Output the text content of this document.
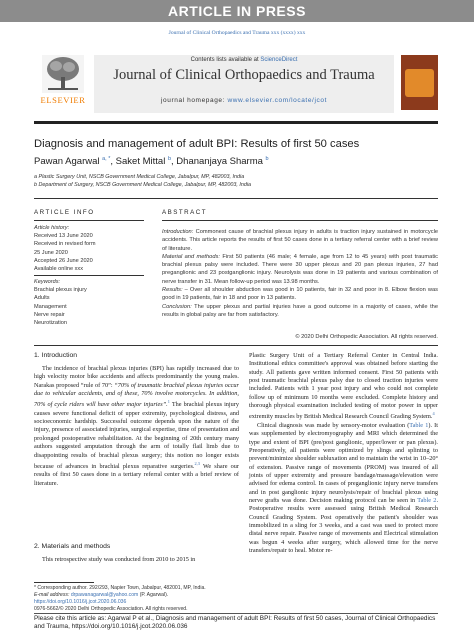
ARTICLE IN PRESS
Journal of Clinical Orthopaedics and Trauma xxx (xxxx) xxx
ELSEVIER
Contents lists available at ScienceDirect
Journal of Clinical Orthopaedics and Trauma
journal homepage: www.elsevier.com/locate/jcot
Diagnosis and management of adult BPI: Results of first 50 cases
Pawan Agarwal $^{a, *}$, Saket Mittal $^b$, Dhananjaya Sharma $^b$
a Plastic Surgery Unit, NSCB Government Medical College, Jabalpur, MP, 482003, India
b Department of Surgery, NSCB Government Medical College, Jabalpur, MP, 482003, India
ARTICLE INFO	ABSTRACT
Article history:
Received 13 June 2020
Received in revised form
25 June 2020
Accepted 26 June 2020
Available online xxx
Keywords:
Brachial plexus injury
Adults
Management
Nerve repair
Neurotization
Introduction: Commonest cause of brachial plexus injury in adults is traction injury sustained in motorcycle accidents. This article reports the results of first 50 cases done in a tertiary referral center with a brief review of literature.
Material and methods: First 50 patients (46 male; 4 female, age from 12 to 45 years) with post traumatic brachial plexus palsy were included. There were 30 upper plexus and 20 pan plexus injuries, 27 had preganglionic and 23 postganglionic injury. Neurolysis was done in 19 patients and various combination of nerve transfer in 31. Mean follow-up period was 13.98 months.
Results: – Over all shoulder abduction was good in 10 patients, fair in 32 and poor in 8. Elbow flexion was good in 19 patients, fair in 18 and poor in 13 patients.
Conclusion: The upper plexus and partial injuries have a good outcome in a majority of cases, while the results in global palsy are far from satisfactory.
© 2020 Delhi Orthopedic Association. All rights reserved.
1. Introduction

The incidence of brachial plexus injuries (BPI) has rapidly increased due to high velocity motor bike accidents and affects predominantly the young males. Narakas proposed “rule of 70”: “70% of traumatic brachial plexus injuries occur due to vehicular accidents, and of these, 70% involve motorcycles. In addition, 70% of cycle riders will have other major injuries”.$^1$ The brachial plexus injury causes severe functional deficit of upper extremity, psychological distress, and socioeconomic hardship. Successful outcome depends upon the nature of the injury, presence of associated injuries, surgical expertise, time of presentation and prolonged postoperative rehabilitation. At the beginning of 20th century many authors suggested amputation through the arm of totally flail limb due to disappointing results of brachial plexus surgery; this notion no longer exists because of advances in brachial plexus reparative surgeries.$^{2,3}$ We share our results of first 50 cases done in a tertiary referral center with a brief review of literature.

2. Materials and methods

This retrospective study was conducted from 2010 to 2015 in

Plastic Surgery Unit of a Tertiary Referral Center in Central India. Institutional ethics committee's approval was obtained before starting the study. All patients gave written informed consent. First 50 patients with post traumatic brachial plexus palsy due to closed traction injuries were included. Patients with 1 year post injury and who could not complete follow up of minimum 10 months were excluded. Complete history and thorough physical examination included testing of motor power in upper extremity muscles by British Medical Research Council Grading System.$^4$

Clinical diagnosis was made by sensory-motor evaluation (Table 1). It was supplemented by electromyography and MRI which determined the type and extent of BPI (pre/post ganglionic, upper/lower or pan plexus). Preoperatively, all patients were optimized by slings and splinting to prevent/minimize shoulder subluxation and to maintain the wrist in 10–20° of extension. Passive range of movements (PROM) was insured of all joints of upper extremity and pressure bandage/massage/elevation were advised for edema control. In cases of preganglionic injury nerve transfers and in post ganglionic injury neurolysis/repair of brachial plexus using nerve grafts was done. Decision making protocol can be seen in Table 2. Postoperative results were assessed using British Medical Research Council Grading System. Post operatively the patient's shoulder was immobilized in a sling for 3 weeks, and a cast was used to protect more distal nerve repair. Passive range of movements and Electrical stimulation was begun 4 weeks after surgery, which allowed time for the nerve transfers/repair to heal. Motor re-

* Corresponding author. 292/293, Napier Town, Jabalpur, 482001, MP, India.
E-mail address: drpawanagarwal@yahoo.com (P. Agarwal).
https://doi.org/10.1016/j.jcot.2020.06.036
0976-5662/© 2020 Delhi Orthopedic Association. All rights reserved.
Please cite this article as: Agarwal P et al., Diagnosis and management of adult BPI: Results of first 50 cases, Journal of Clinical Orthopaedics and Trauma, https://doi.org/10.1016/j.jcot.2020.06.036
